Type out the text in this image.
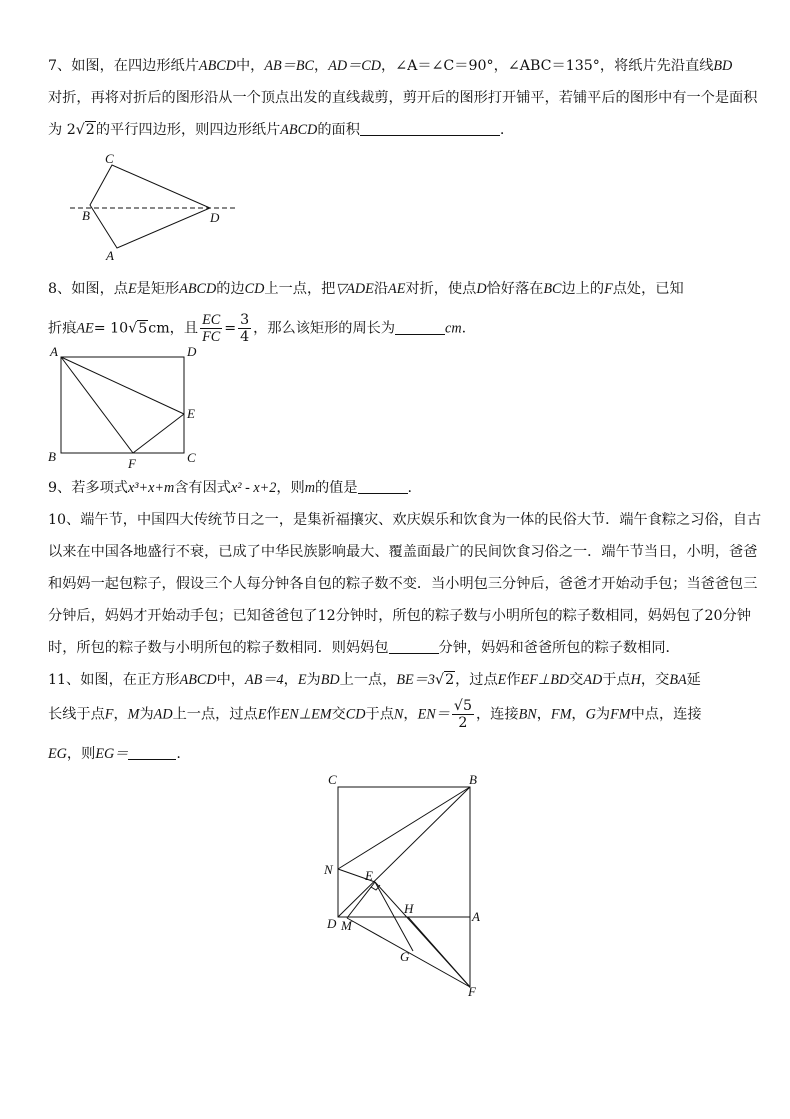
7、如图，在四边形纸片ABCD中，AB＝BC，AD＝CD，∠A＝∠C＝90°，∠ABC＝135°，将纸片先沿直线BD
对折，再将对折后的图形沿从一个顶点出发的直线裁剪，剪开后的图形打开铺平，若铺平后的图形中有一个是面积
为 2√2的平行四边形，则四边形纸片ABCD的面积	.
C
B	D
A
8、如图，点E是矩形ABCD的边CD上一点，把▽ADE沿AE对折，使点D恰好落在BC边上的F点处，已知
折痕AE= 10√5cm，且 $\frac{EC}{FC} = \frac{3}{4}$ ，那么该矩形的周长为	cm.
A	D
E
B	F	C
9、若多项式x³+x+m含有因式x² - x+2，则m的值是	.
10、端午节，中国四大传统节日之一，是集祈福攘灾、欢庆娱乐和饮食为一体的民俗大节．端午食粽之习俗，自古
以来在中国各地盛行不衰，已成了中华民族影响最大、覆盖面最广的民间饮食习俗之一．端午节当日，小明，爸爸
和妈妈一起包粽子，假设三个人每分钟各自包的粽子数不变．当小明包三分钟后，爸爸才开始动手包；当爸爸包三
分钟后，妈妈才开始动手包；已知爸爸包了12分钟时，所包的粽子数与小明所包的粽子数相同，妈妈包了20分钟
时，所包的粽子数与小明所包的粽子数相同．则妈妈包	分钟，妈妈和爸爸所包的粽子数相同．
11、如图，在正方形ABCD中，AB＝4，E为BD上一点，BE＝3√2，过点E作EF⊥BD交AD于点H，交BA延
长线于点F，M为AD上一点，过点E作EN⊥EM交CD于点N，$EN= \frac{√5}{2}$ ，连接BN，FM，G为FM中点，连接
EG，则EG＝	.
C	B
N E
H
D M
A
G
F
